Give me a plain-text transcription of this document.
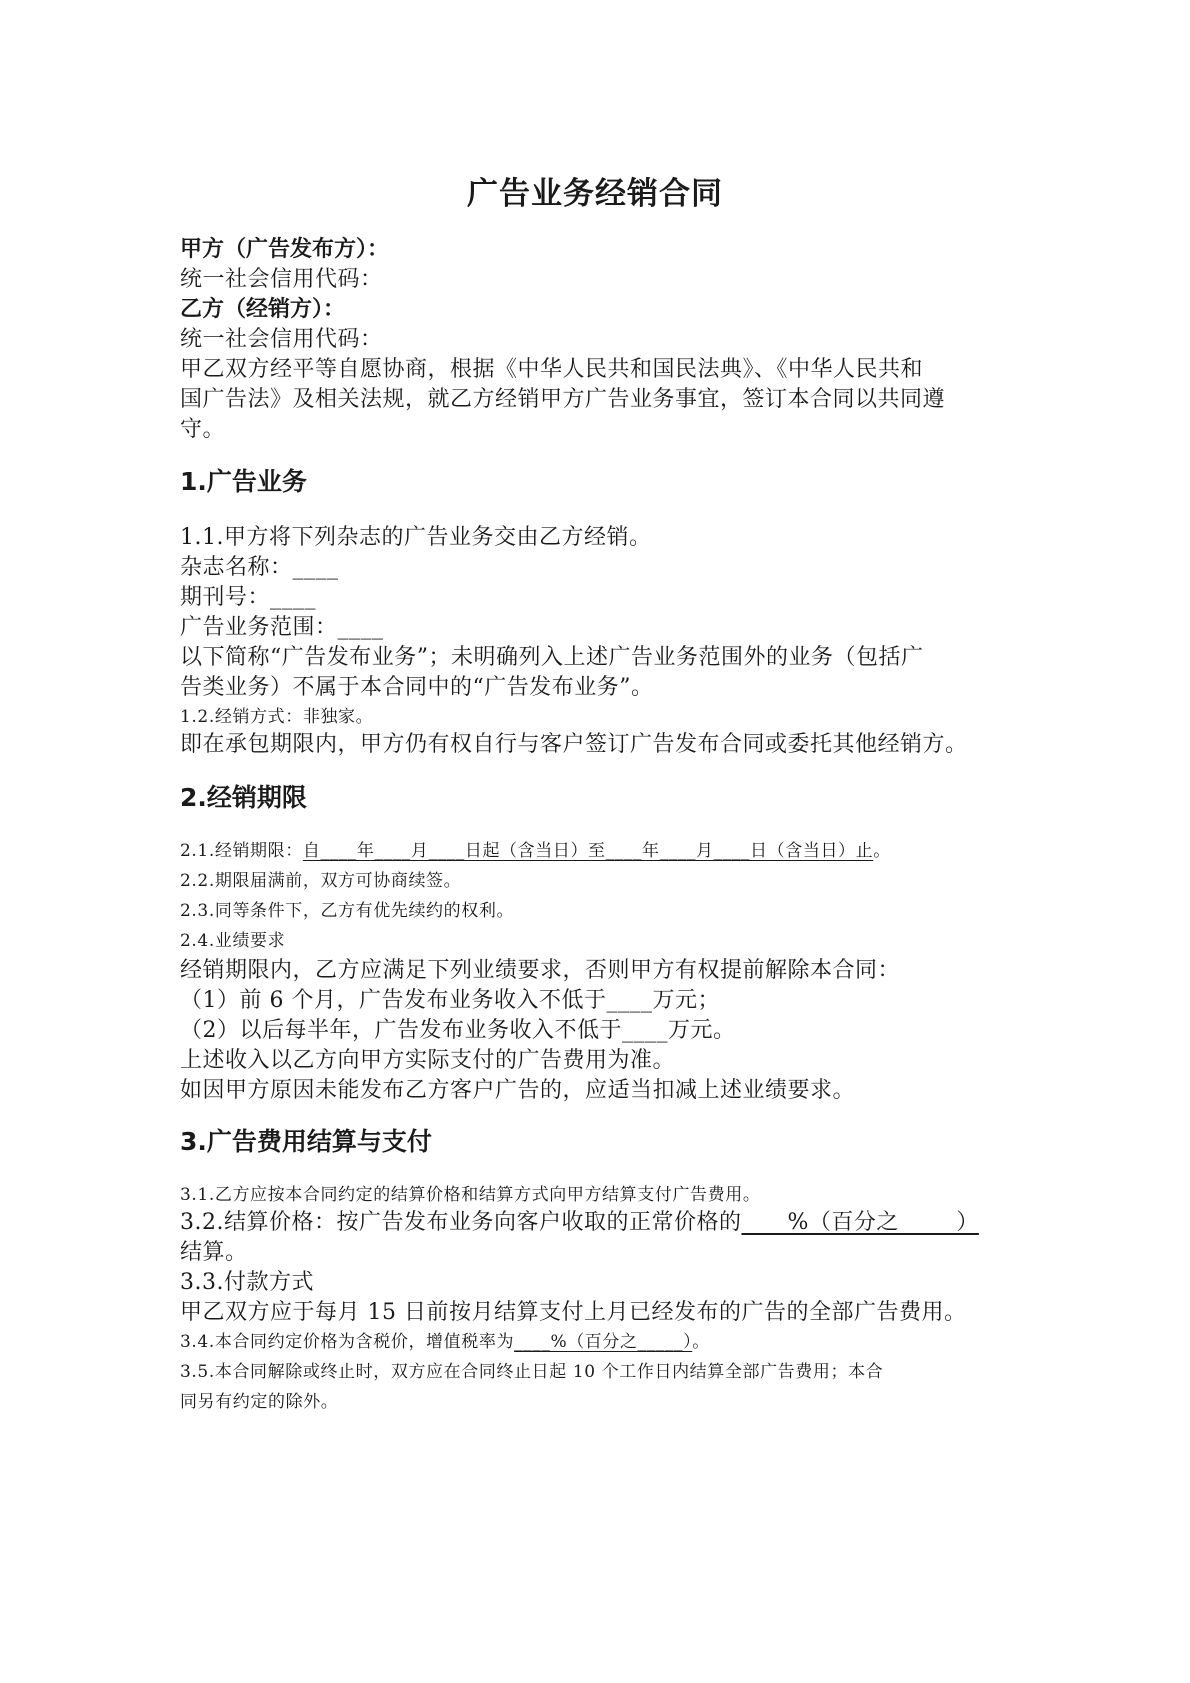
广告业务经销合同
甲方（广告发布方）：
统一社会信用代码：
乙方（经销方）：
统一社会信用代码：
甲乙双方经平等自愿协商，根据《中华人民共和国民法典》、《中华人民共和
国广告法》及相关法规，就乙方经销甲方广告业务事宜，签订本合同以共同遵
守。
1.广告业务
1.1.甲方将下列杂志的广告业务交由乙方经销。
杂志名称：____
期刊号：____
广告业务范围：____
以下简称“广告发布业务”；未明确列入上述广告业务范围外的业务（包括广
告类业务）不属于本合同中的“广告发布业务”。
1.2.经销方式：非独家。
即在承包期限内，甲方仍有权自行与客户签订广告发布合同或委托其他经销方。
2.经销期限
2.1.经销期限：自____年____月____日起（含当日）至____年____月____日（含当日）止。
2.2.期限届满前，双方可协商续签。
2.3.同等条件下，乙方有优先续约的权利。
2.4.业绩要求
经销期限内，乙方应满足下列业绩要求，否则甲方有权提前解除本合同：
（1）前 6 个月，广告发布业务收入不低于____万元；
（2）以后每半年，广告发布业务收入不低于____万元。
上述收入以乙方向甲方实际支付的广告费用为准。
如因甲方原因未能发布乙方客户广告的，应适当扣减上述业绩要求。
3.广告费用结算与支付
3.1.乙方应按本合同约定的结算价格和结算方式向甲方结算支付广告费用。
3.2.结算价格：按广告发布业务向客户收取的正常价格的____%（百分之_____）
结算。
3.3.付款方式
甲乙双方应于每月 15 日前按月结算支付上月已经发布的广告的全部广告费用。
3.4.本合同约定价格为含税价，增值税率为____%（百分之_____）。
3.5.本合同解除或终止时，双方应在合同终止日起 10 个工作日内结算全部广告费用；本合
同另有约定的除外。
